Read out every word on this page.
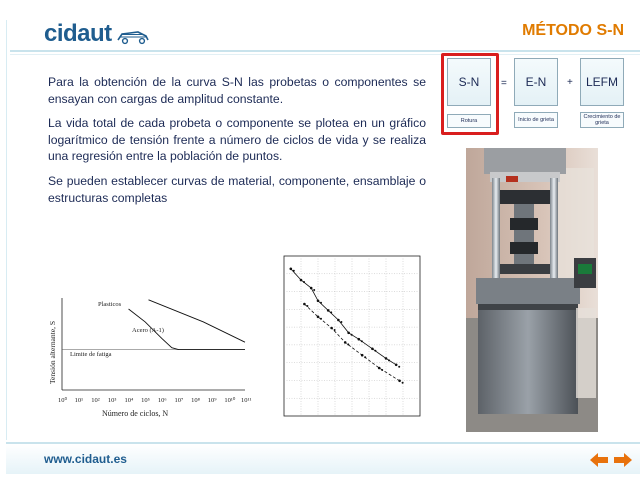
cidaut	MÉTODO S-N

Para la obtención de la curva S-N las probetas o componentes se ensayan con cargas de amplitud constante.

La vida total de cada probeta o componente se plotea en un gráfico logarítmico de tensión frente a número de ciclos de vida y se realiza una regresión entre la población de puntos.

Se pueden establecer curvas de material, componente, ensamblaje o estructuras completas

S-N
Rotura
=	E-N
Inicio de grieta
+	LEFM
Crecimiento de grieta
10⁰ 10¹ 10² 10³ 10⁴ 10⁵ 10⁶ 10⁷ 10⁸ 10⁹ 10¹⁰ 10¹¹
Tensión alternante, S
Número de ciclos, N
Plasticos
Acero (A-1)
Limite de fatiga
www.cidaut.es
